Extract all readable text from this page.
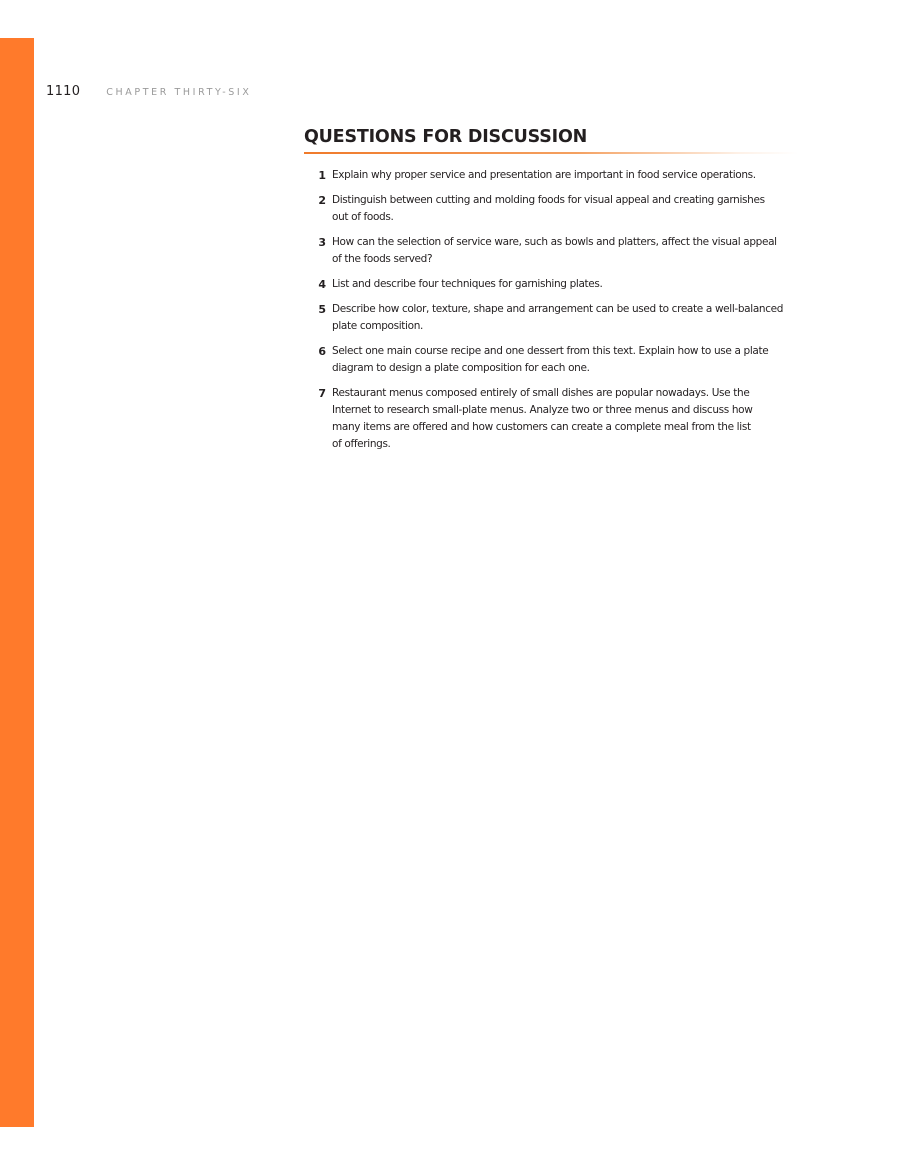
1110	CHAPTER THIRTY-SIX
QUESTIONS FOR DISCUSSION
1 Explain why proper service and presentation are important in food service operations.
2 Distinguish between cutting and molding foods for visual appeal and creating garnishes
out of foods.
3 How can the selection of service ware, such as bowls and platters, affect the visual appeal
of the foods served?
4 List and describe four techniques for garnishing plates.
5 Describe how color, texture, shape and arrangement can be used to create a well-balanced
plate composition.
6 Select one main course recipe and one dessert from this text. Explain how to use a plate
diagram to design a plate composition for each one.
7 Restaurant menus composed entirely of small dishes are popular nowadays. Use the
Internet to research small-plate menus. Analyze two or three menus and discuss how
many items are offered and how customers can create a complete meal from the list
of offerings.
